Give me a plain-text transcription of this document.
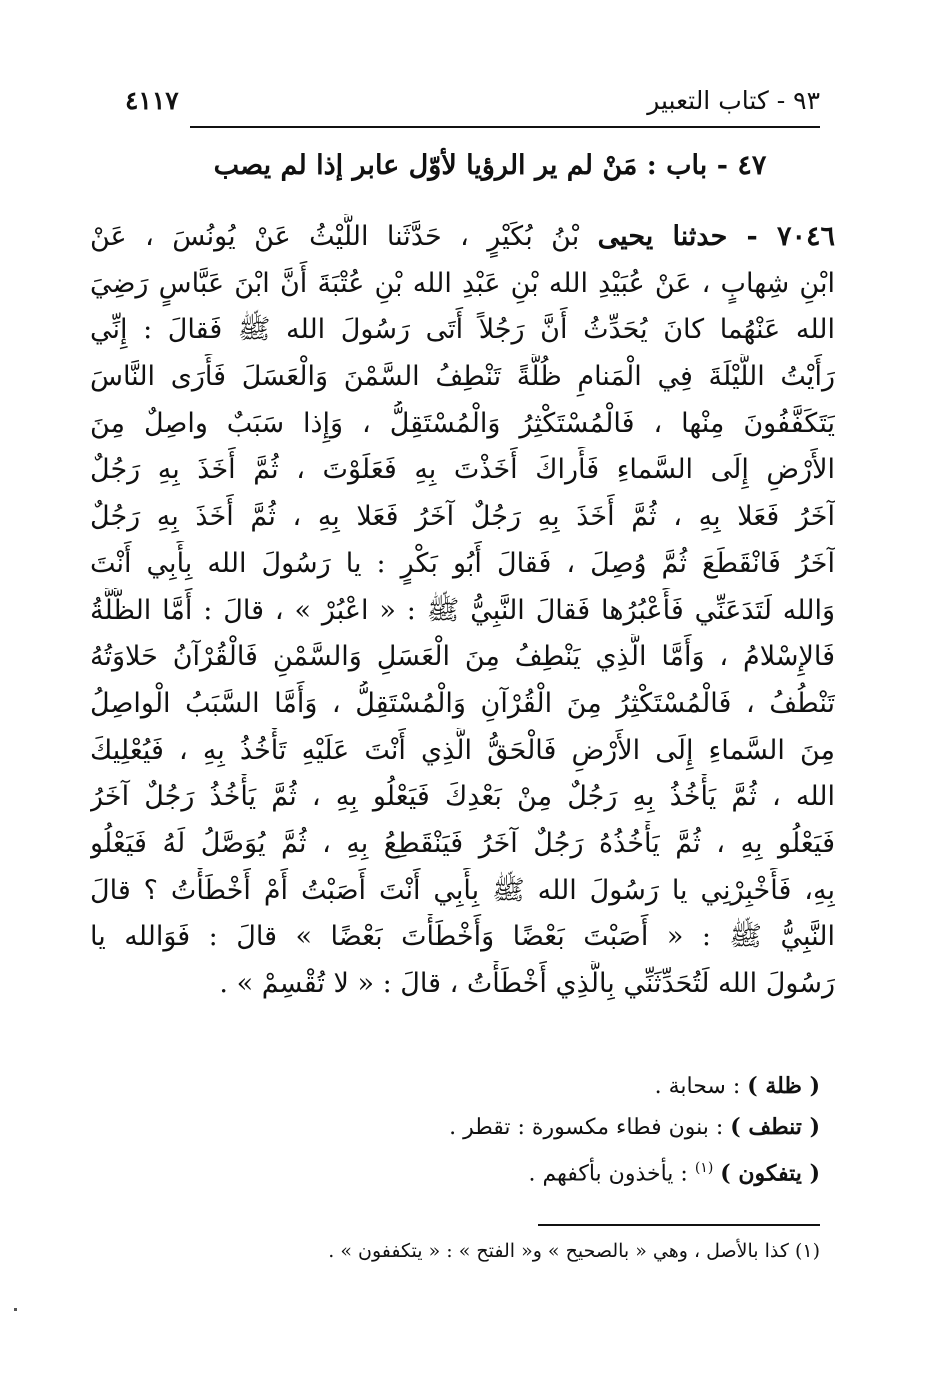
٩٣ - كتاب التعبير
٤١١٧
٤٧ - باب : مَنْ لم ير الرؤيا لأوّل عابر إذا لم يصب
٧٠٤٦ - حدثنا يحيى بْنُ بُكَيْرٍ ، حَدَّثَنا اللَّيْثُ عَنْ يُونُسَ ، عَنْ
ابْنِ شِهابٍ ، عَنْ عُبَيْدِ الله بْنِ عَبْدِ الله بْنِ عُتْبَةَ أَنَّ ابْنَ عَبَّاسٍ رَضِيَ
الله عَنْهُما كانَ يُحَدِّثُ أَنَّ رَجُلاً أَتَى رَسُولَ الله ﷺ فَقالَ : إِنِّي
رَأَيْتُ اللَّيْلَةَ فِي الْمَنامِ ظُلَّةً تَنْطِفُ السَّمْنَ وَالْعَسَلَ فَأَرَى النَّاسَ
يَتَكَفَّفُونَ مِنْها ، فَالْمُسْتَكْثِرُ وَالْمُسْتَقِلُّ ، وَإِذا سَبَبٌ واصِلٌ مِنَ
الأَرْضِ إِلَى السَّماءِ فَأَراكَ أَخَذْتَ بِهِ فَعَلَوْتَ ، ثُمَّ أَخَذَ بِهِ رَجُلٌ
آخَرُ فَعَلا بِهِ ، ثُمَّ أَخَذَ بِهِ رَجُلٌ آخَرُ فَعَلا بِهِ ، ثُمَّ أَخَذَ بِهِ رَجُلٌ
آخَرُ فَانْقَطَعَ ثُمَّ وُصِلَ ، فَقالَ أَبُو بَكْرٍ : يا رَسُولَ الله بِأَبِي أَنْتَ
وَالله لَتَدَعَنِّي فَأَعْبُرُها فَقالَ النَّبِيُّ ﷺ : « اعْبُرْ » ، قالَ : أَمَّا الظُّلَّةُ
فَالإِسْلامُ ، وَأَمَّا الَّذِي يَنْطِفُ مِنَ الْعَسَلِ وَالسَّمْنِ فَالْقُرْآنُ حَلاوَتُهُ
تَنْطُفُ ، فَالْمُسْتَكْثِرُ مِنَ الْقُرْآنِ وَالْمُسْتَقِلُّ ، وَأَمَّا السَّبَبُ الْواصِلُ
مِنَ السَّماءِ إِلَى الأَرْضِ فَالْحَقُّ الَّذِي أَنْتَ عَلَيْهِ تَأْخُذُ بِهِ ، فَيُعْلِيكَ
الله ، ثُمَّ يَأْخُذُ بِهِ رَجُلٌ مِنْ بَعْدِكَ فَيَعْلُو بِهِ ، ثُمَّ يَأْخُذُ رَجُلٌ آخَرُ
فَيَعْلُو بِهِ ، ثُمَّ يَأْخُذُهُ رَجُلٌ آخَرُ فَيَنْقَطِعُ بِهِ ، ثُمَّ يُوَصَّلُ لَهُ فَيَعْلُو
بِهِ، فَأَخْبِرْنِي يا رَسُولَ الله ﷺ بِأَبِي أَنْتَ أَصَبْتُ أَمْ أَخْطَأْتُ ؟ قالَ
النَّبِيُّ ﷺ : « أَصَبْتَ بَعْضًا وَأَخْطَأْتَ بَعْضًا » قالَ : فَوَالله يا
رَسُولَ الله لَتُحَدِّثَنِّي بِالَّذِي أَخْطَأْتُ ، قالَ : « لا تُقْسِمْ » .
( ظلة ) : سحابة .
( تنطف ) : بنون فطاء مكسورة : تقطر .
( يتفكون ) $^{(١)}$ : يأخذون بأكفهم .
(١) كذا بالأصل ، وهي « بالصحيح » و« الفتح » : « يتكففون » .
